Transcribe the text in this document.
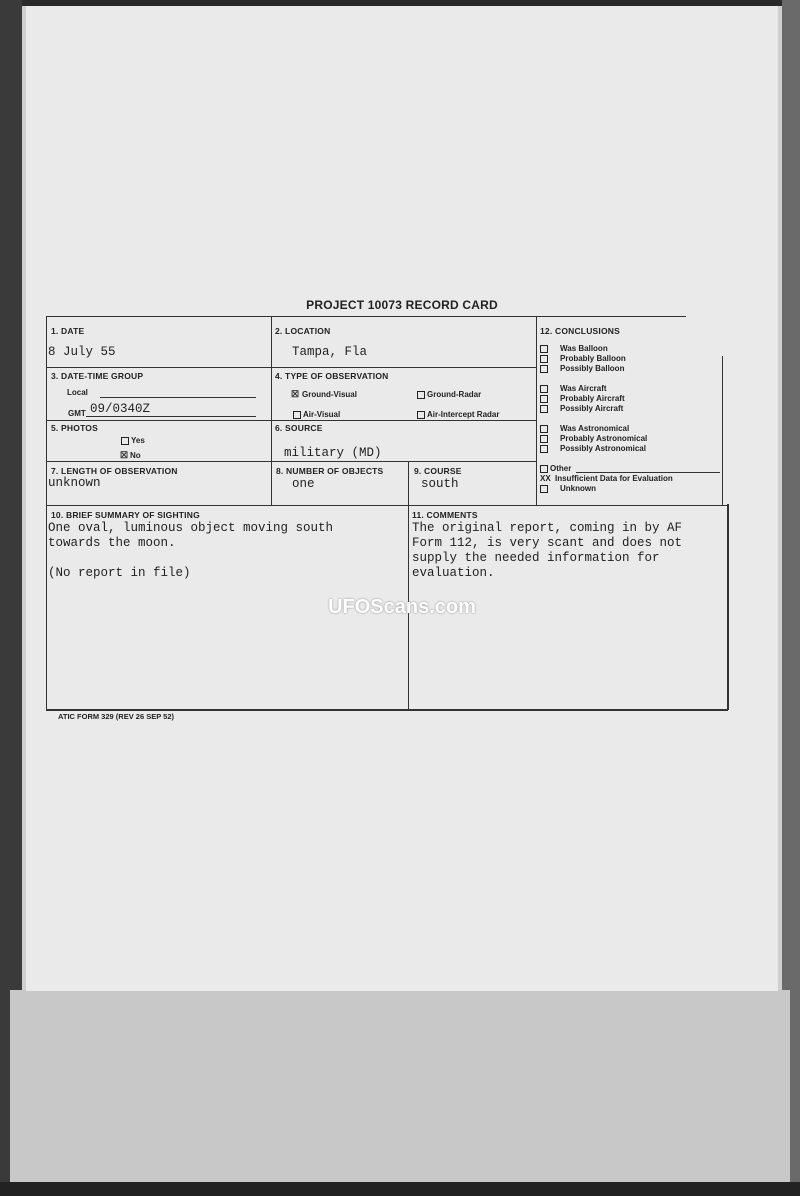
PROJECT 10073 RECORD CARD
1. DATE
8 July 55
2. LOCATION
Tampa, Fla
3. DATE-TIME GROUP
Local
GMT 09/0340Z
4. TYPE OF OBSERVATION
☒ Ground-Visual	Ground-Radar
Air-Visual	Air-Intercept Radar
5. PHOTOS
Yes
☒ No
6. SOURCE
military (MD)
7. LENGTH OF OBSERVATION
unknown
8. NUMBER OF OBJECTS
one
9. COURSE
south
10. BRIEF SUMMARY OF SIGHTING
One oval, luminous object moving south
towards the moon.
(No report in file)
11. COMMENTS
The original report, coming in by AF
Form 112, is very scant and does not
supply the needed information for
evaluation.
12. CONCLUSIONS
Was Balloon
Probably Balloon
Possibly Balloon
Was Aircraft
Probably Aircraft
Possibly Aircraft
Was Astronomical
Probably Astronomical
Possibly Astronomical
Other
XX Insufficient Data for Evaluation
Unknown
UFOScans.com
ATIC FORM 329 (REV 26 SEP 52)
